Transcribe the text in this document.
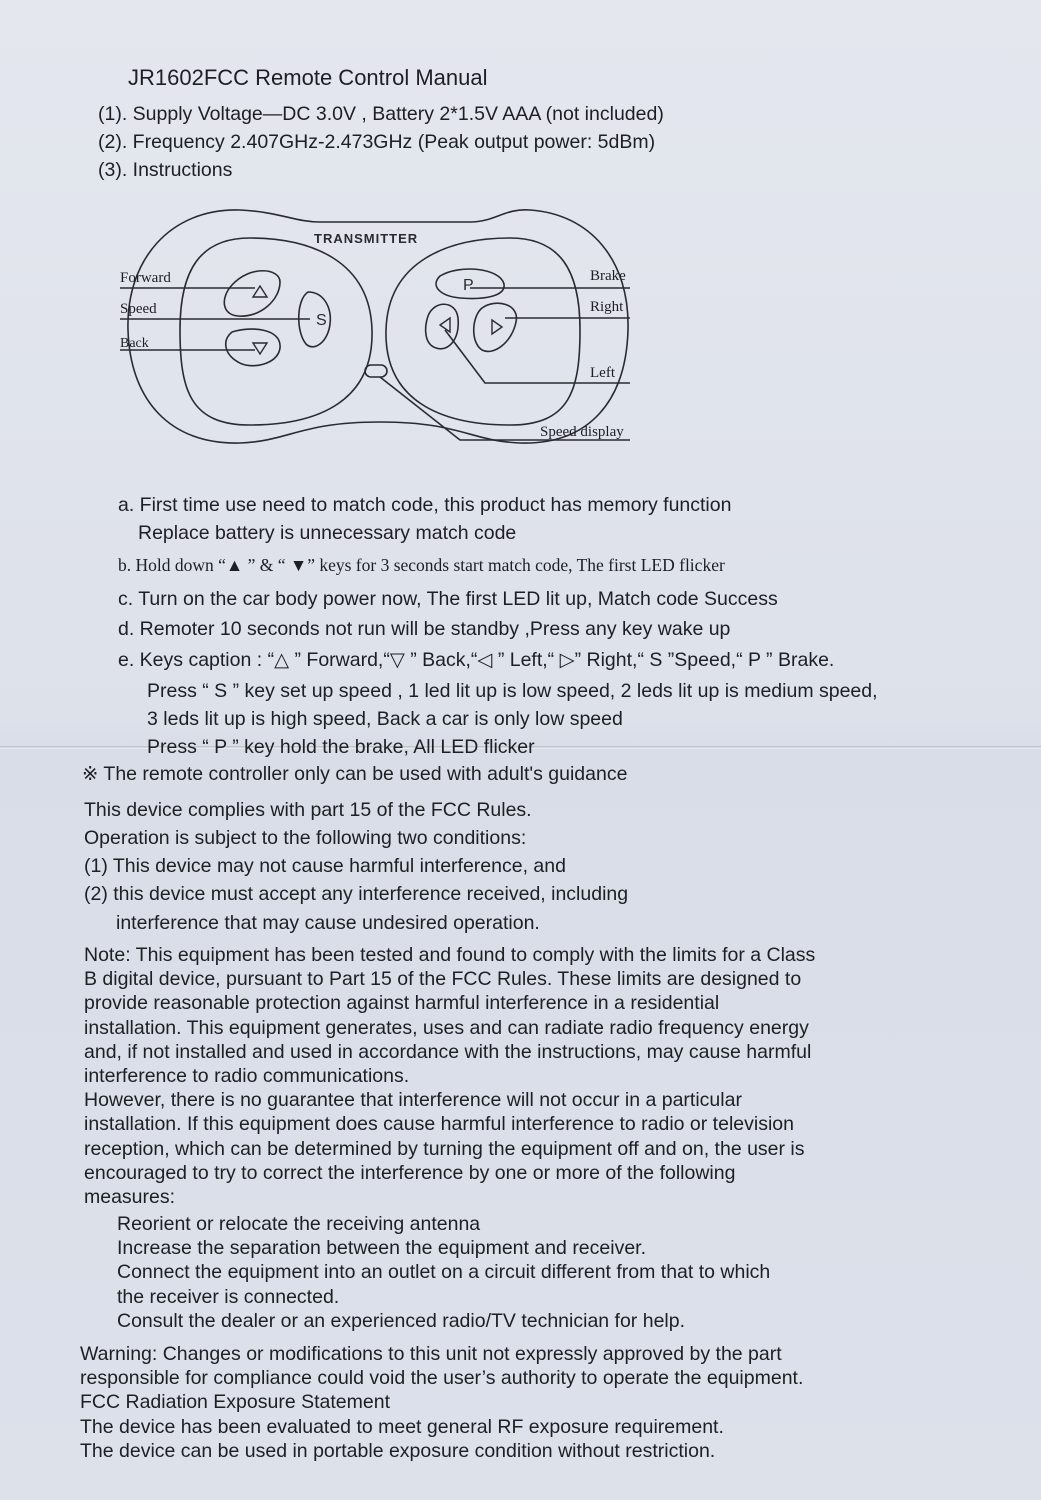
JR1602FCC Remote Control Manual
(1). Supply Voltage—DC 3.0V , Battery 2*1.5V AAA (not included)
(2). Frequency 2.407GHz-2.473GHz (Peak output power: 5dBm)
(3). Instructions
S
P
TRANSMITTER
Forward
Speed
Back
Brake
Right
Left
Speed display
a. First time use need to match code, this product has memory function
Replace battery is unnecessary match code
b. Hold down “▲ ” & “ ▼” keys for 3 seconds start match code, The first LED flicker
c. Turn on the car body power now, The first LED lit up, Match code Success
d. Remoter 10 seconds not run will be standby ,Press any key wake up
e. Keys caption : “△ ” Forward,“▽ ” Back,“◁ ” Left,“ ▷” Right,“ S ”Speed,“ P ” Brake.
Press “ S ” key set up speed , 1 led lit up is low speed, 2 leds lit up is medium speed,
3 leds lit up is high speed, Back a car is only low speed
Press “ P ” key hold the brake, All LED flicker
※ The remote controller only can be used with adult's guidance
This device complies with part 15 of the FCC Rules.
Operation is subject to the following two conditions:
(1) This device may not cause harmful interference, and
(2) this device must accept any interference received, including
interference that may cause undesired operation.
Note: This equipment has been tested and found to comply with the limits for a Class
B digital device, pursuant to Part 15 of the FCC Rules. These limits are designed to
provide reasonable protection against harmful interference in a residential
installation. This equipment generates, uses and can radiate radio frequency energy
and, if not installed and used in accordance with the instructions, may cause harmful
interference to radio communications.
However, there is no guarantee that interference will not occur in a particular
installation. If this equipment does cause harmful interference to radio or television
reception, which can be determined by turning the equipment off and on, the user is
encouraged to try to correct the interference by one or more of the following
measures:
Reorient or relocate the receiving antenna
Increase the separation between the equipment and receiver.
Connect the equipment into an outlet on a circuit different from that to which
the receiver is connected.
Consult the dealer or an experienced radio/TV technician for help.
Warning: Changes or modifications to this unit not expressly approved by the part
responsible for compliance could void the user’s authority to operate the equipment.
FCC Radiation Exposure Statement
The device has been evaluated to meet general RF exposure requirement.
The device can be used in portable exposure condition without restriction.
